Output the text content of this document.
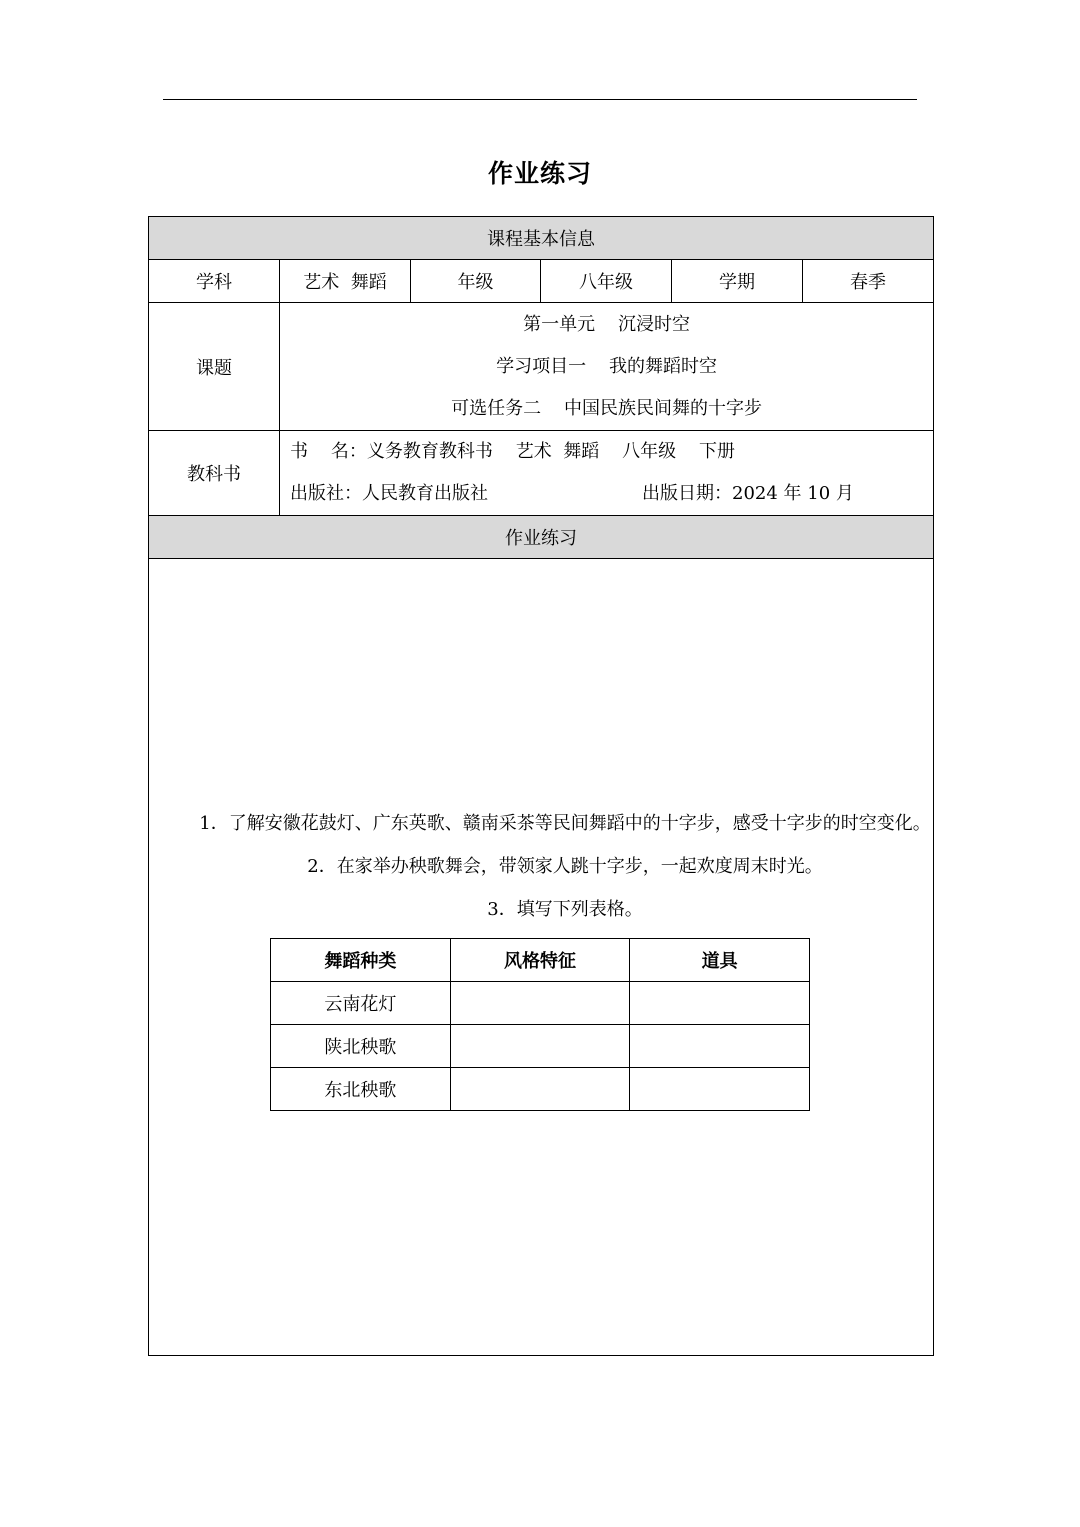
作业练习
课程基本信息
学科	艺术  舞蹈	年级	八年级	学期	春季
课题	
第一单元    沉浸时空
学习项目一    我的舞蹈时空
可选任务二    中国民族民间舞的十字步

教科书	
书    名：义务教育教科书    艺术  舞蹈    八年级    下册
出版社：人民教育出版社	出版日期：2024 年 10 月

作业练习

1．了解安徽花鼓灯、广东英歌、赣南采茶等民间舞蹈中的十字步，感受十字步的时空变化。
2．在家举办秧歌舞会，带领家人跳十字步，一起欢度周末时光。
3．填写下列表格。
舞蹈种类	风格特征	道具
云南花灯		
陕北秧歌		
东北秧歌		
